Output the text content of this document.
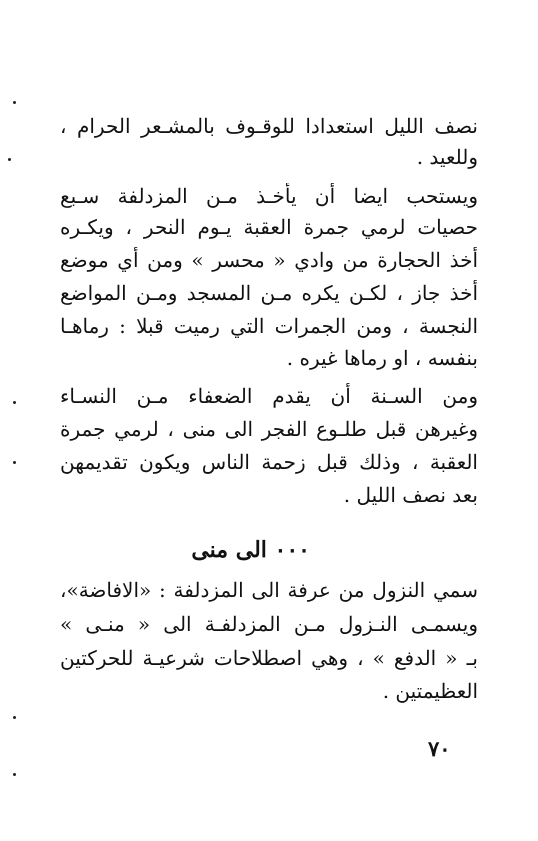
نصف الليل استعدادا للوقـوف بالمشـعر الحرام ،
وللعيد .
ويستحب ايضا أن يأخـذ مـن المزدلفة سـبع
حصيات لرمي جمرة العقبة يـوم النحر ، ويكـره
أخذ الحجارة من وادي « محسر » ومن أي موضع
أخذ جاز ، لكـن يكره مـن المسجد ومـن المواضع
النجسة ، ومن الجمرات التي رميت قبلا : رماهـا
بنفسه ، او رماها غيره .
ومن السـنة أن يقدم الضعفاء مـن النسـاء
وغيرهن قبل طلـوع الفجر الى منى ، لرمي جمرة
العقبة ، وذلك قبل زحمة الناس ويكون تقديمهن
بعد نصف الليل .
٠٠٠ الى منى
سمي النزول من عرفة الى المزدلفة : «الافاضة»،
ويسمـى النـزول مـن المزدلفـة الى « منـى »
بـ « الدفع » ، وهي اصطلاحات شرعيـة للحركتين
العظيمتين .
٧٠
